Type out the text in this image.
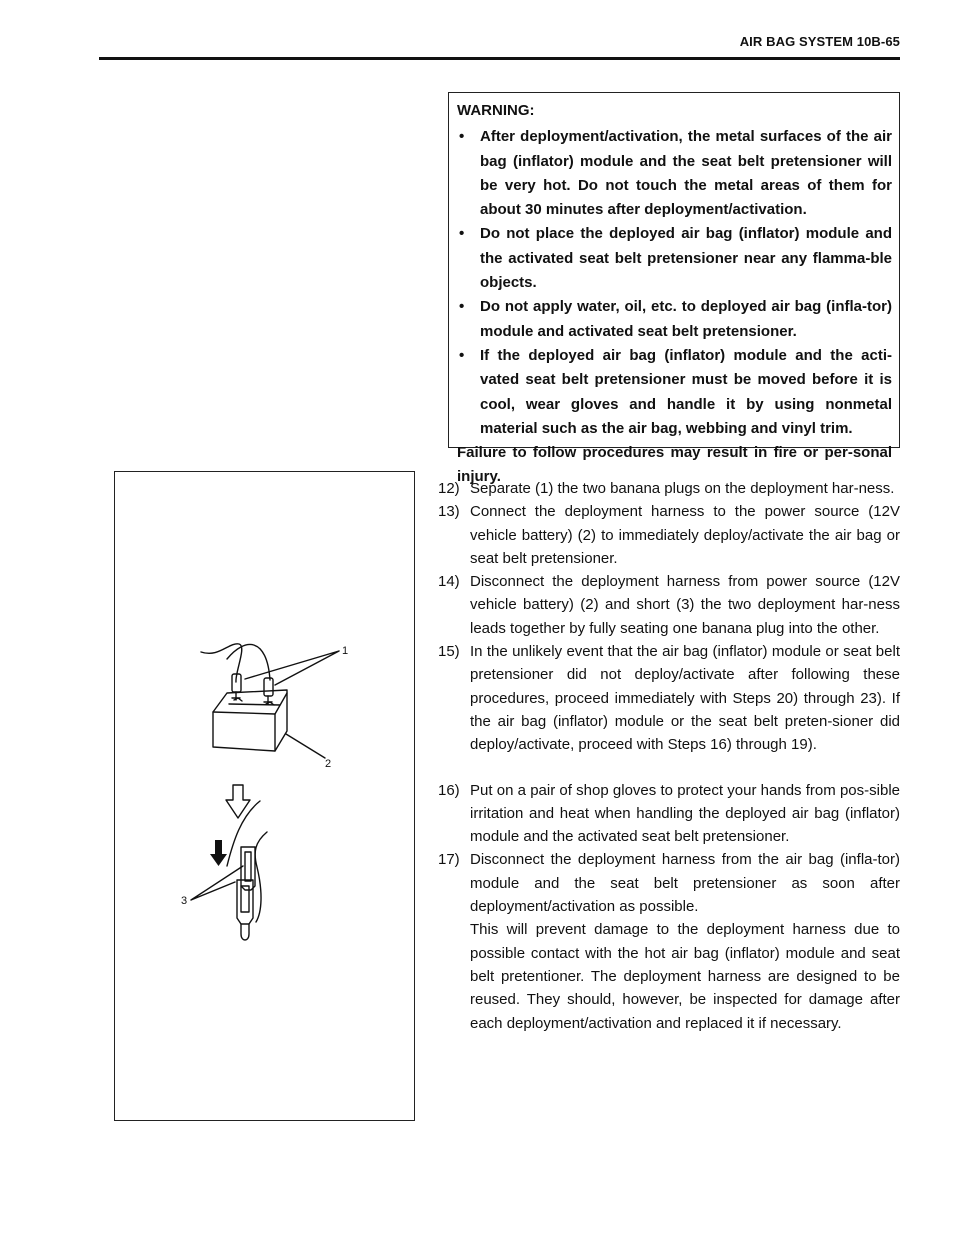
AIR BAG SYSTEM 10B-65
WARNING:
• After deployment/activation, the metal surfaces of the air bag (inflator) module and the seat belt pretensioner will be very hot. Do not touch the metal areas of them for about 30 minutes after deployment/activation.
• Do not place the deployed air bag (inflator) module and the activated seat belt pretensioner near any flamma-ble objects.
• Do not apply water, oil, etc. to deployed air bag (infla-tor) module and activated seat belt pretensioner.
• If the deployed air bag (inflator) module and the acti-vated seat belt pretensioner must be moved before it is cool, wear gloves and handle it by using nonmetal material such as the air bag, webbing and vinyl trim.
Failure to follow procedures may result in fire or per-sonal injury.
1
2
3
12) Separate (1) the two banana plugs on the deployment har-ness.
13) Connect the deployment harness to the power source (12V vehicle battery) (2) to immediately deploy/activate the air bag or seat belt pretensioner.
14) Disconnect the deployment harness from power source (12V vehicle battery) (2) and short (3) the two deployment har-ness leads together by fully seating one banana plug into the other.
15) In the unlikely event that the air bag (inflator) module or seat belt pretensioner did not deploy/activate after following these procedures, proceed immediately with Steps 20) through 23). If the air bag (inflator) module or the seat belt preten-sioner did deploy/activate, proceed with Steps 16) through 19).
16) Put on a pair of shop gloves to protect your hands from pos-sible irritation and heat when handling the deployed air bag (inflator) module and the activated seat belt pretensioner.
17) Disconnect the deployment harness from the air bag (infla-tor) module and the seat belt pretensioner as soon after deployment/activation as possible.
This will prevent damage to the deployment harness due to possible contact with the hot air bag (inflator) module and seat belt pretentioner. The deployment harness are designed to be reused. They should, however, be inspected for damage after each deployment/activation and replaced it if necessary.
